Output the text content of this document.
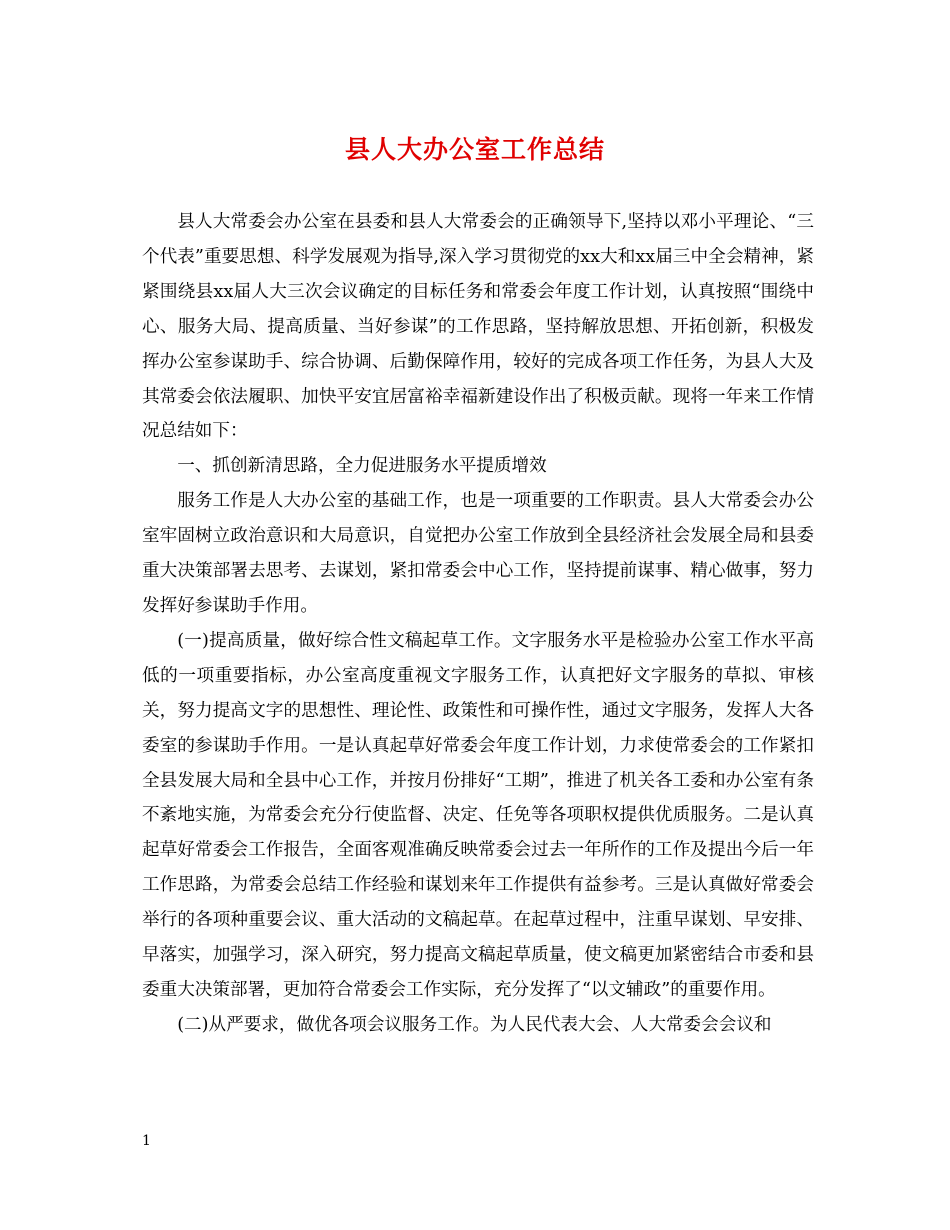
县人大办公室工作总结

县人大常委会办公室在县委和县人大常委会的正确领导下,坚持以邓小平理论、“三个代表”重要思想、科学发展观为指导,深入学习贯彻党的xx大和xx届三中全会精神，紧紧围绕县xx届人大三次会议确定的目标任务和常委会年度工作计划，认真按照“围绕中心、服务大局、提高质量、当好参谋”的工作思路，坚持解放思想、开拓创新，积极发挥办公室参谋助手、综合协调、后勤保障作用，较好的完成各项工作任务，为县人大及其常委会依法履职、加快平安宜居富裕幸福新建设作出了积极贡献。现将一年来工作情况总结如下：

一、抓创新清思路，全力促进服务水平提质增效

服务工作是人大办公室的基础工作，也是一项重要的工作职责。县人大常委会办公室牢固树立政治意识和大局意识，自觉把办公室工作放到全县经济社会发展全局和县委重大决策部署去思考、去谋划，紧扣常委会中心工作，坚持提前谋事、精心做事，努力发挥好参谋助手作用。

(一)提高质量，做好综合性文稿起草工作。文字服务水平是检验办公室工作水平高低的一项重要指标，办公室高度重视文字服务工作，认真把好文字服务的草拟、审核关，努力提高文字的思想性、理论性、政策性和可操作性，通过文字服务，发挥人大各委室的参谋助手作用。一是认真起草好常委会年度工作计划，力求使常委会的工作紧扣全县发展大局和全县中心工作，并按月份排好“工期”，推进了机关各工委和办公室有条不紊地实施，为常委会充分行使监督、决定、任免等各项职权提供优质服务。二是认真起草好常委会工作报告，全面客观准确反映常委会过去一年所作的工作及提出今后一年工作思路，为常委会总结工作经验和谋划来年工作提供有益参考。三是认真做好常委会举行的各项种重要会议、重大活动的文稿起草。在起草过程中，注重早谋划、早安排、早落实，加强学习，深入研究，努力提高文稿起草质量，使文稿更加紧密结合市委和县委重大决策部署，更加符合常委会工作实际，充分发挥了“以文辅政”的重要作用。

(二)从严要求，做优各项会议服务工作。为人民代表大会、人大常委会会议和

1
